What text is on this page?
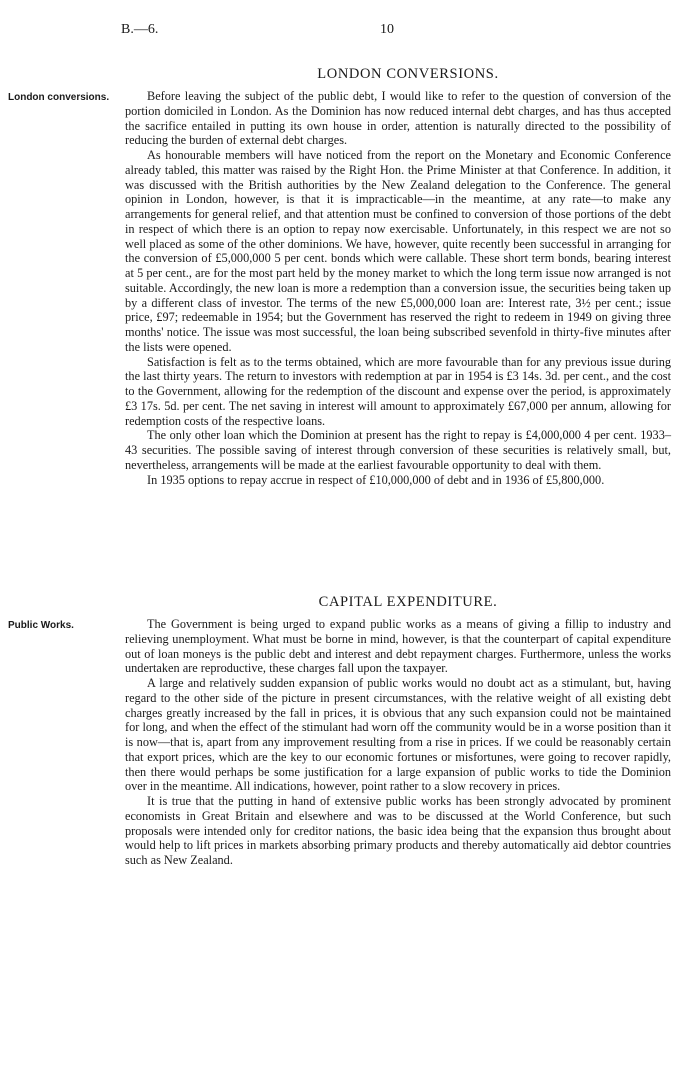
B.—6.	10
LONDON CONVERSIONS.
London conversions.	Before leaving the subject of the public debt, I would like to refer to the question of conversion of the portion domiciled in London. As the Dominion has now reduced internal debt charges, and has thus accepted the sacrifice entailed in putting its own house in order, attention is naturally directed to the possibility of reducing the burden of external debt charges.

As honourable members will have noticed from the report on the Monetary and Economic Conference already tabled, this matter was raised by the Right Hon. the Prime Minister at that Conference. In addition, it was discussed with the British authorities by the New Zealand delegation to the Conference. The general opinion in London, however, is that it is impracticable—in the meantime, at any rate—to make any arrangements for general relief, and that attention must be confined to conversion of those portions of the debt in respect of which there is an option to repay now exercisable. Unfortunately, in this respect we are not so well placed as some of the other dominions. We have, however, quite recently been successful in arranging for the conversion of £5,000,000 5 per cent. bonds which were callable. These short term bonds, bearing interest at 5 per cent., are for the most part held by the money market to which the long term issue now arranged is not suitable. Accordingly, the new loan is more a redemption than a conversion issue, the securities being taken up by a different class of investor. The terms of the new £5,000,000 loan are: Interest rate, 3½ per cent.; issue price, £97; redeemable in 1954; but the Government has reserved the right to redeem in 1949 on giving three months' notice. The issue was most successful, the loan being subscribed sevenfold in thirty-five minutes after the lists were opened.

Satisfaction is felt as to the terms obtained, which are more favourable than for any previous issue during the last thirty years. The return to investors with redemption at par in 1954 is £3 14s. 3d. per cent., and the cost to the Government, allowing for the redemption of the discount and expense over the period, is approximately £3 17s. 5d. per cent. The net saving in interest will amount to approximately £67,000 per annum, allowing for redemption costs of the respective loans.

The only other loan which the Dominion at present has the right to repay is £4,000,000 4 per cent. 1933–43 securities. The possible saving of interest through conversion of these securities is relatively small, but, nevertheless, arrangements will be made at the earliest favourable opportunity to deal with them.

In 1935 options to repay accrue in respect of £10,000,000 of debt and in 1936 of £5,800,000.

CAPITAL EXPENDITURE.
Public Works.	The Government is being urged to expand public works as a means of giving a fillip to industry and relieving unemployment. What must be borne in mind, however, is that the counterpart of capital expenditure out of loan moneys is the public debt and interest and debt repayment charges. Furthermore, unless the works undertaken are reproductive, these charges fall upon the taxpayer.

A large and relatively sudden expansion of public works would no doubt act as a stimulant, but, having regard to the other side of the picture in present circumstances, with the relative weight of all existing debt charges greatly increased by the fall in prices, it is obvious that any such expansion could not be maintained for long, and when the effect of the stimulant had worn off the community would be in a worse position than it is now—that is, apart from any improvement resulting from a rise in prices. If we could be reasonably certain that export prices, which are the key to our economic fortunes or misfortunes, were going to recover rapidly, then there would perhaps be some justification for a large expansion of public works to tide the Dominion over in the meantime. All indications, however, point rather to a slow recovery in prices.

It is true that the putting in hand of extensive public works has been strongly advocated by prominent economists in Great Britain and elsewhere and was to be discussed at the World Conference, but such proposals were intended only for creditor nations, the basic idea being that the expansion thus brought about would help to lift prices in markets absorbing primary products and thereby automatically aid debtor countries such as New Zealand.
